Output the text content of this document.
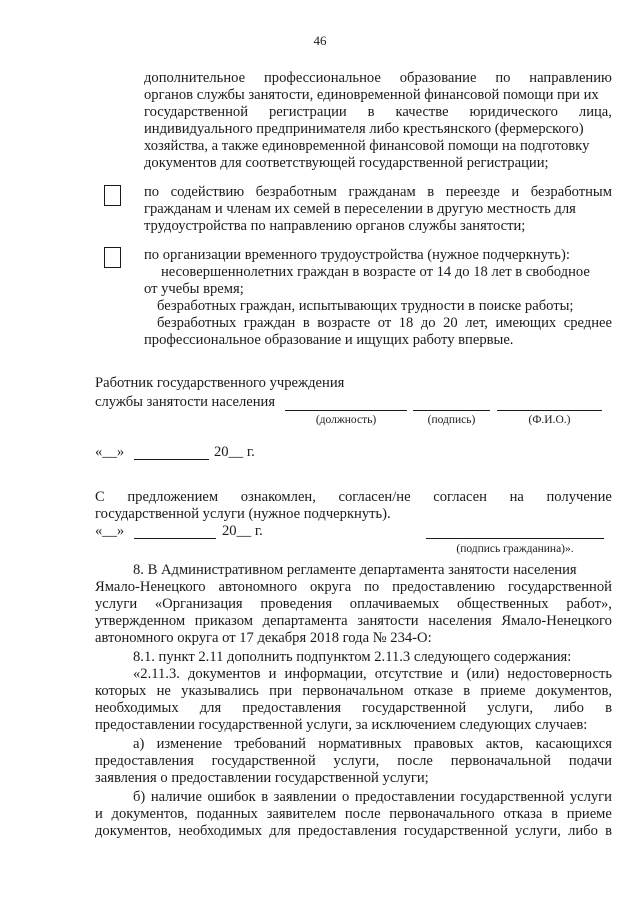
46
дополнительное профессиональное образование по направлению
органов службы занятости, единовременной финансовой помощи при их
государственной регистрации в качестве юридического лица,
индивидуального предпринимателя либо крестьянского (фермерского)
хозяйства, а также единовременной финансовой помощи на подготовку
документов для соответствующей государственной регистрации;
по содействию безработным гражданам в переезде и безработным
гражданам и членам их семей в переселении в другую местность для
трудоустройства по направлению органов службы занятости;
по организации временного трудоустройства (нужное подчеркнуть):
несовершеннолетних граждан в возрасте от 14 до 18 лет в свободное
от учебы время;
безработных граждан, испытывающих трудности в поиске работы;
безработных граждан в возрасте от 18 до 20 лет, имеющих среднее
профессиональное образование и ищущих работу впервые.
Работник государственного учреждения
службы занятости населения
(должность)	(подпись)	(Ф.И.О.)
«__»	20__ г.
С предложением ознакомлен, согласен/не согласен на получение
государственной услуги (нужное подчеркнуть).
«__»	20__ г.
(подпись гражданина)».
8. В Административном регламенте департамента занятости населения
Ямало-Ненецкого автономного округа по предоставлению государственной
услуги «Организация проведения оплачиваемых общественных работ»,
утвержденном приказом департамента занятости населения Ямало-Ненецкого
автономного округа от 17 декабря 2018 года № 234-О:
8.1. пункт 2.11 дополнить подпунктом 2.11.3 следующего содержания:
«2.11.3. документов и информации, отсутствие и (или) недостоверность
которых не указывались при первоначальном отказе в приеме документов,
необходимых для предоставления государственной услуги, либо в
предоставлении государственной услуги, за исключением следующих случаев:
а) изменение требований нормативных правовых актов, касающихся
предоставления государственной услуги, после первоначальной подачи
заявления о предоставлении государственной услуги;
б) наличие ошибок в заявлении о предоставлении государственной услуги
и документов, поданных заявителем после первоначального отказа в приеме
документов, необходимых для предоставления государственной услуги, либо в
